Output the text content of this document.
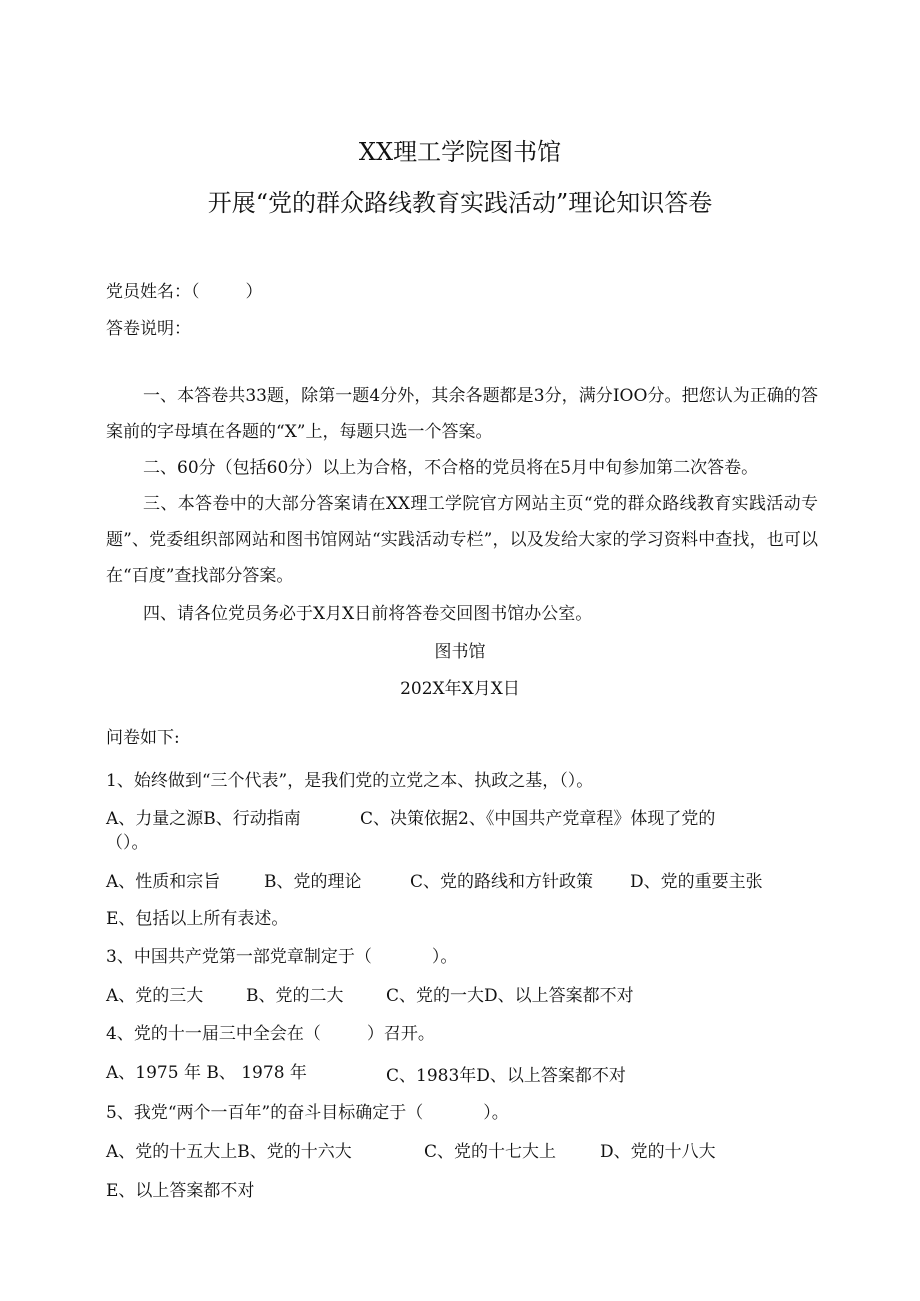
XX理工学院图书馆
开展“党的群众路线教育实践活动”理论知识答卷
党员姓名：（	）
答卷说明：
一、本答卷共33题，除第一题4分外，其余各题都是3分，满分IOO分。把您认为正确的答案前的字母填在各题的“X”上，每题只选一个答案。
二、60分（包括60分）以上为合格，不合格的党员将在5月中旬参加第二次答卷。
三、本答卷中的大部分答案请在XX理工学院官方网站主页“党的群众路线教育实践活动专题”、党委组织部网站和图书馆网站“实践活动专栏”，以及发给大家的学习资料中查找，也可以在“百度”查找部分答案。
四、请各位党员务必于X月X日前将答卷交回图书馆办公室。
图书馆
202X年X月X日
问卷如下:
1、始终做到“三个代表”，是我们党的立党之本、执政之基，（）。
A、力量之源B、行动指南	C、决策依据2、《中国共产党章程》体现了党的
（）。
A、性质和宗旨	B、党的理论	C、党的路线和方针政策 D、党的重要主张
E、包括以上所有表述。
3、中国共产党第一部党章制定于（	）。
A、党的三大	B、党的二大	C、党的一大D、以上答案都不对
4、党的十一届三中全会在（	）召开。
A、1975 年 B、 1978 年	C、1983年D、以上答案都不对
5、我党“两个一百年”的奋斗目标确定于（	）。
A、党的十五大上B、党的十六大	C、党的十七大上	D、党的十八大
E、以上答案都不对
